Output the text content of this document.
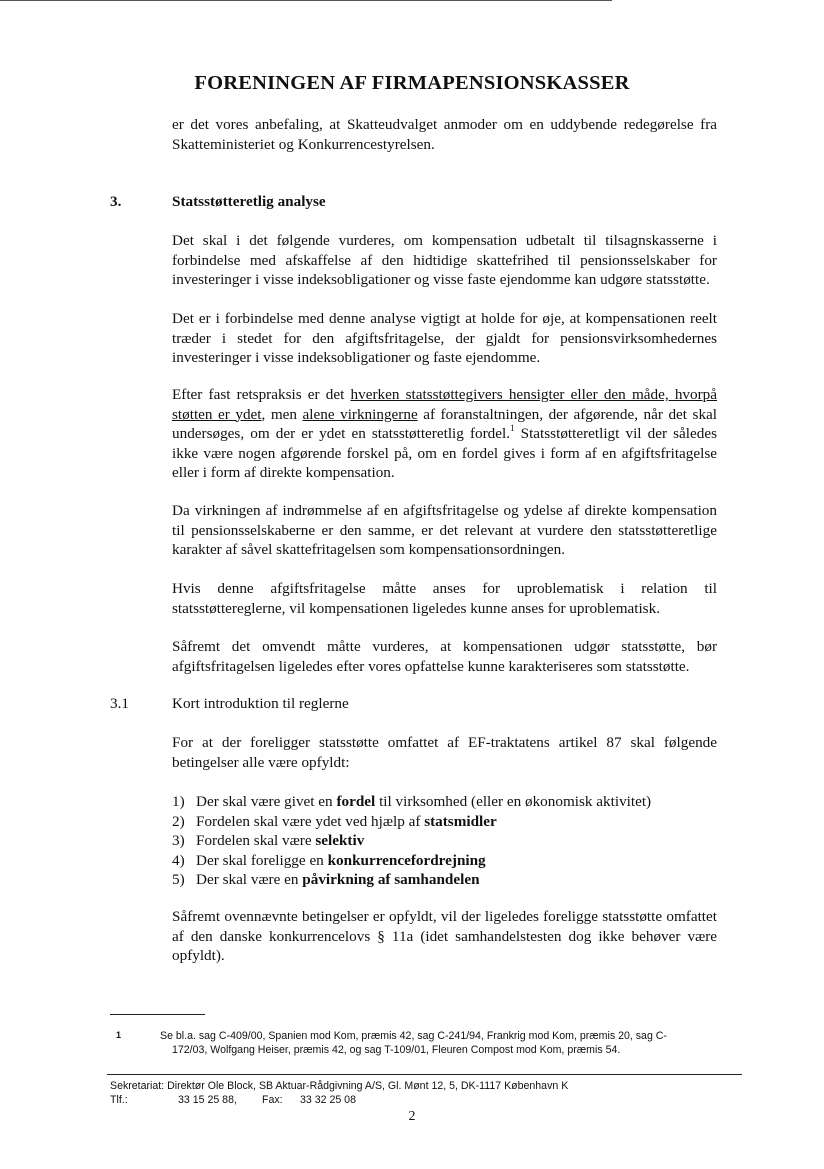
FORENINGEN AF FIRMAPENSIONSKASSER

er det vores anbefaling, at Skatteudvalget anmoder om en uddybende redegørelse fra Skatteministeriet og Konkurrencestyrelsen.

3.	Statsstøtteretlig analyse

Det skal i det følgende vurderes, om kompensation udbetalt til tilsagnskasserne i forbindelse med afskaffelse af den hidtidige skattefrihed til pensionsselskaber for investeringer i visse indeksobligationer og visse faste ejendomme kan udgøre statsstøtte.

Det er i forbindelse med denne analyse vigtigt at holde for øje, at kompensationen reelt træder i stedet for den afgiftsfritagelse, der gjaldt for pensionsvirksomhedernes investeringer i visse indeksobligationer og faste ejendomme.

Efter fast retspraksis er det hverken statsstøttegivers hensigter eller den måde, hvorpå støtten er ydet, men alene virkningerne af foranstaltningen, der afgørende, når det skal undersøges, om der er ydet en statsstøtteretlig fordel.$^1$ Statsstøtteretligt vil der således ikke være nogen afgørende forskel på, om en fordel gives i form af en afgiftsfritagelse eller i form af direkte kompensation.

Da virkningen af indrømmelse af en afgiftsfritagelse og ydelse af direkte kompensation til pensionsselskaberne er den samme, er det relevant at vurdere den statsstøtteretlige karakter af såvel skattefritagelsen som kompensationsordningen.

Hvis denne afgiftsfritagelse måtte anses for uproblematisk i relation til statsstøttereglerne, vil kompensationen ligeledes kunne anses for uproblematisk.

Såfremt det omvendt måtte vurderes, at kompensationen udgør statsstøtte, bør afgiftsfritagelsen ligeledes efter vores opfattelse kunne karakteriseres som statsstøtte.

3.1	Kort introduktion til reglerne

For at der foreligger statsstøtte omfattet af EF-traktatens artikel 87 skal følgende betingelser alle være opfyldt:

1) Der skal være givet en fordel til virksomhed (eller en økonomisk aktivitet)
2) Fordelen skal være ydet ved hjælp af statsmidler
3) Fordelen skal være selektiv
4) Der skal foreligge en konkurrencefordrejning
5) Der skal være en påvirkning af samhandelen

Såfremt ovennævnte betingelser er opfyldt, vil der ligeledes foreligge statsstøtte omfattet af den danske konkurrencelovs § 11a (idet samhandelstesten dog ikke behøver være opfyldt).

1	Se bl.a. sag C-409/00, Spanien mod Kom, præmis 42, sag C-241/94, Frankrig mod Kom, præmis 20, sag C-172/03, Wolfgang Heiser, præmis 42, og sag T-109/01, Fleuren Compost mod Kom, præmis 54.

Sekretariat: Direktør Ole Block, SB Aktuar-Rådgivning A/S, Gl. Mønt 12, 5, DK-1117 København K
Tlf.:	33 15 25 88, Fax: 33 32 25 08
2
